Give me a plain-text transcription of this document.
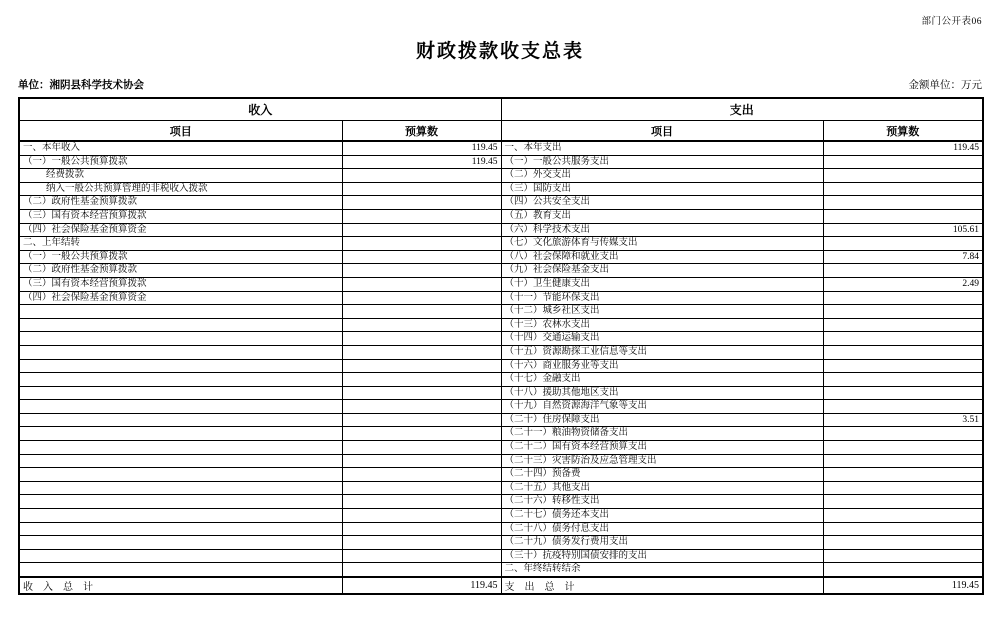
部门公开表06
财政拨款收支总表
单位：湘阴县科学技术协会	金额单位：万元
收入		支出	
项目	预算数	项目	预算数
一、本年收入	119.45	一、本年支出	119.45
（一）一般公共预算拨款	119.45	（一）一般公共服务支出	
经费拨款		（二）外交支出	
纳入一般公共预算管理的非税收入拨款		（三）国防支出	
（二）政府性基金预算拨款		（四）公共安全支出	
（三）国有资本经营预算拨款		（五）教育支出	
（四）社会保险基金预算资金		（六）科学技术支出	105.61
二、上年结转		（七）文化旅游体育与传媒支出	
（一）一般公共预算拨款		（八）社会保障和就业支出	7.84
（二）政府性基金预算拨款		（九）社会保险基金支出	
（三）国有资本经营预算拨款		（十）卫生健康支出	2.49
（四）社会保险基金预算资金		（十一）节能环保支出	
		（十二）城乡社区支出	
		（十三）农林水支出	
		（十四）交通运输支出	
		（十五）资源勘探工业信息等支出	
		（十六）商业服务业等支出	
		（十七）金融支出	
		（十八）援助其他地区支出	
		（十九）自然资源海洋气象等支出	
		（二十）住房保障支出	3.51
		（二十一）粮油物资储备支出	
		（二十二）国有资本经营预算支出	
		（二十三）灾害防治及应急管理支出	
		（二十四）预备费	
		（二十五）其他支出	
		（二十六）转移性支出	
		（二十七）债务还本支出	
		（二十八）债务付息支出	
		（二十九）债务发行费用支出	
		（三十）抗疫特别国债安排的支出	
		二、年终结转结余	
收　入　总　计	119.45	支　出　总　计	119.45
